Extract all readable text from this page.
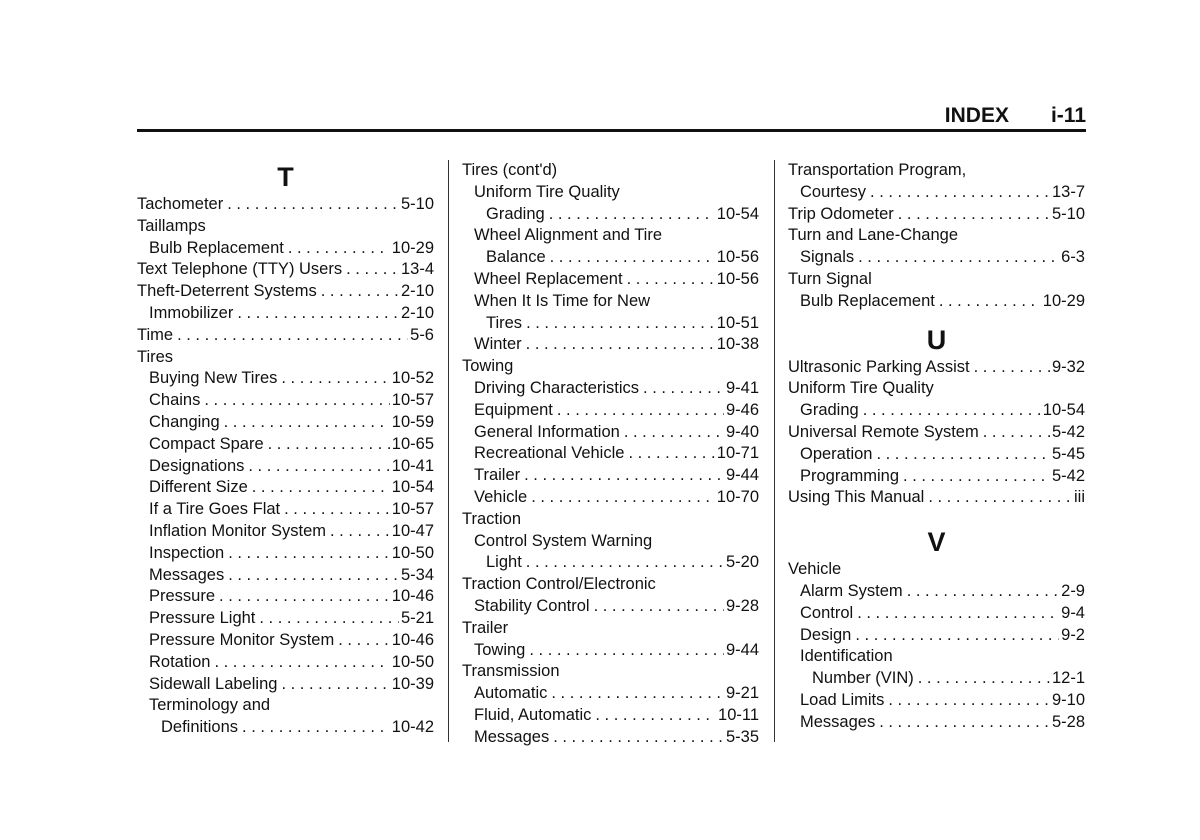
INDEX i-11
T
Tachometer . . .	5-10
Taillamps
Bulb Replacement . . .	10-29
Text Telephone (TTY) Users . . .	13-4
Theft-Deterrent Systems . . .	2-10
Immobilizer . . .	2-10
Time . . .	5-6
Tires
Buying New Tires . . .	10-52
Chains . . .	10-57
Changing . . .	10-59
Compact Spare . . .	10-65
Designations . . .	10-41
Different Size . . .	10-54
If a Tire Goes Flat . . .	10-57
Inflation Monitor System . . .	10-47
Inspection . . .	10-50
Messages . . .	5-34
Pressure . . .	10-46
Pressure Light . . .	5-21
Pressure Monitor System . . .	10-46
Rotation . . .	10-50
Sidewall Labeling . . .	10-39
Terminology and
Definitions . . .	10-42
Tires (cont'd)
Uniform Tire Quality
Grading . . .	10-54
Wheel Alignment and Tire
Balance . . .	10-56
Wheel Replacement . . .	10-56
When It Is Time for New
Tires . . .	10-51
Winter . . .	10-38
Towing
Driving Characteristics . . .	9-41
Equipment . . .	9-46
General Information . . .	9-40
Recreational Vehicle . . .	10-71
Trailer . . .	9-44
Vehicle . . .	10-70
Traction
Control System Warning
Light . . .	5-20
Traction Control/Electronic
Stability Control . . .	9-28
Trailer
Towing . . .	9-44
Transmission
Automatic . . .	9-21
Fluid, Automatic . . .	10-11
Messages . . .	5-35
Transportation Program,
Courtesy . . .	13-7
Trip Odometer . . .	5-10
Turn and Lane-Change
Signals . . .	6-3
Turn Signal
Bulb Replacement . . .	10-29
U
Ultrasonic Parking Assist . . .	9-32
Uniform Tire Quality
Grading . . .	10-54
Universal Remote System . . .	5-42
Operation . . .	5-45
Programming . . .	5-42
Using This Manual . . .	iii
V
Vehicle
Alarm System . . .	2-9
Control . . .	9-4
Design . . .	9-2
Identification
Number (VIN) . . .	12-1
Load Limits . . .	9-10
Messages . . .	5-28
